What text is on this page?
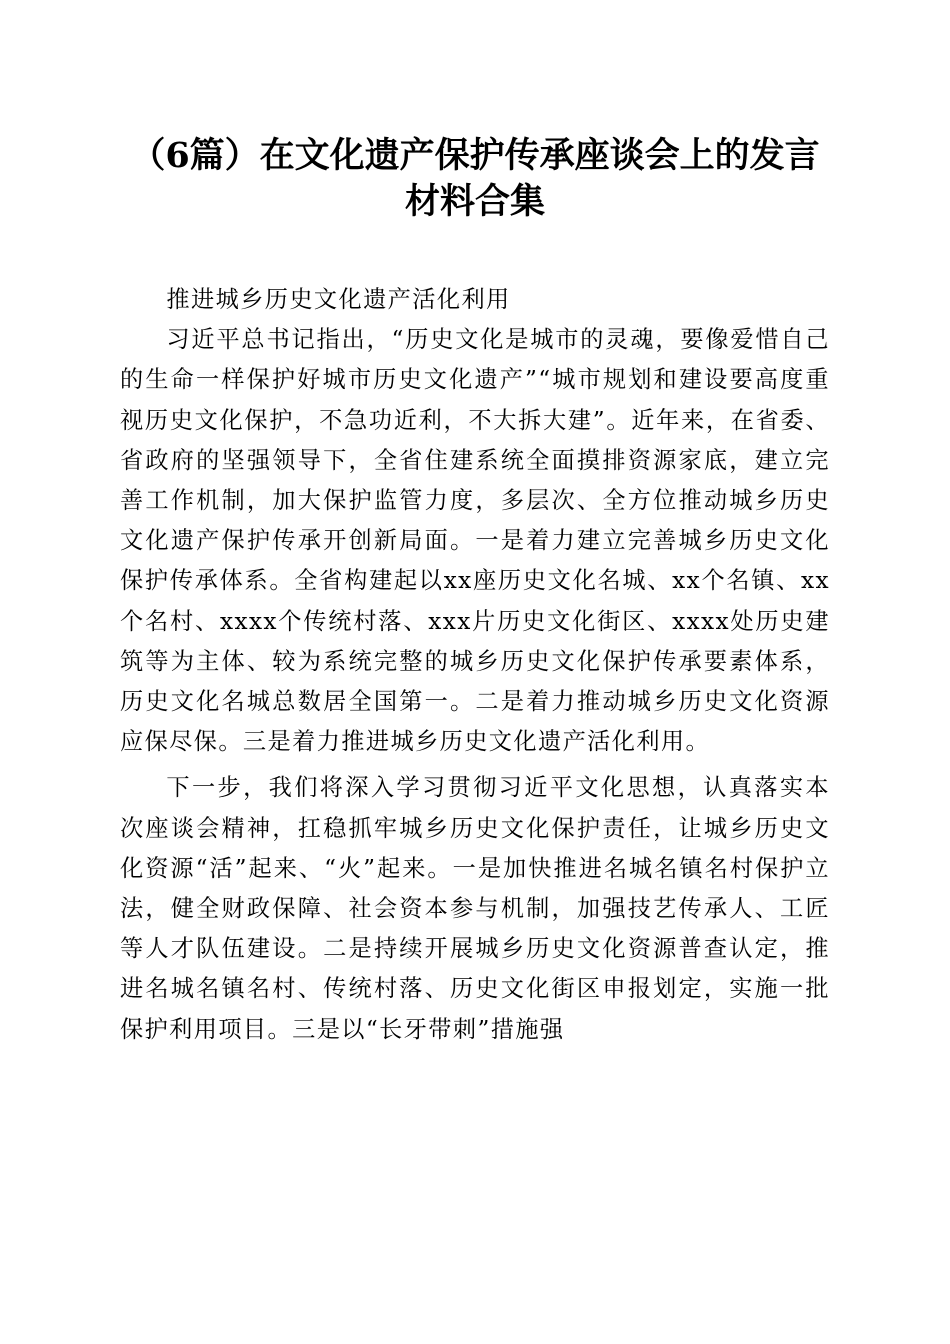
（6篇）在文化遗产保护传承座谈会上的发言
材料合集

推进城乡历史文化遗产活化利用

习近平总书记指出，“历史文化是城市的灵魂，要像爱惜自己的生命一样保护好城市历史文化遗产”“城市规划和建设要高度重视历史文化保护，不急功近利，不大拆大建”。近年来，在省委、省政府的坚强领导下，全省住建系统全面摸排资源家底，建立完善工作机制，加大保护监管力度，多层次、全方位推动城乡历史文化遗产保护传承开创新局面。一是着力建立完善城乡历史文化保护传承体系。全省构建起以xx座历史文化名城、xx个名镇、xx个名村、xxxx个传统村落、xxx片历史文化街区、xxxx处历史建筑等为主体、较为系统完整的城乡历史文化保护传承要素体系，历史文化名城总数居全国第一。二是着力推动城乡历史文化资源应保尽保。三是着力推进城乡历史文化遗产活化利用。

下一步，我们将深入学习贯彻习近平文化思想，认真落实本次座谈会精神，扛稳抓牢城乡历史文化保护责任，让城乡历史文化资源“活”起来、“火”起来。一是加快推进名城名镇名村保护立法，健全财政保障、社会资本参与机制，加强技艺传承人、工匠等人才队伍建设。二是持续开展城乡历史文化资源普查认定，推进名城名镇名村、传统村落、历史文化街区申报划定，实施一批保护利用项目。三是以“长牙带刺”措施强
